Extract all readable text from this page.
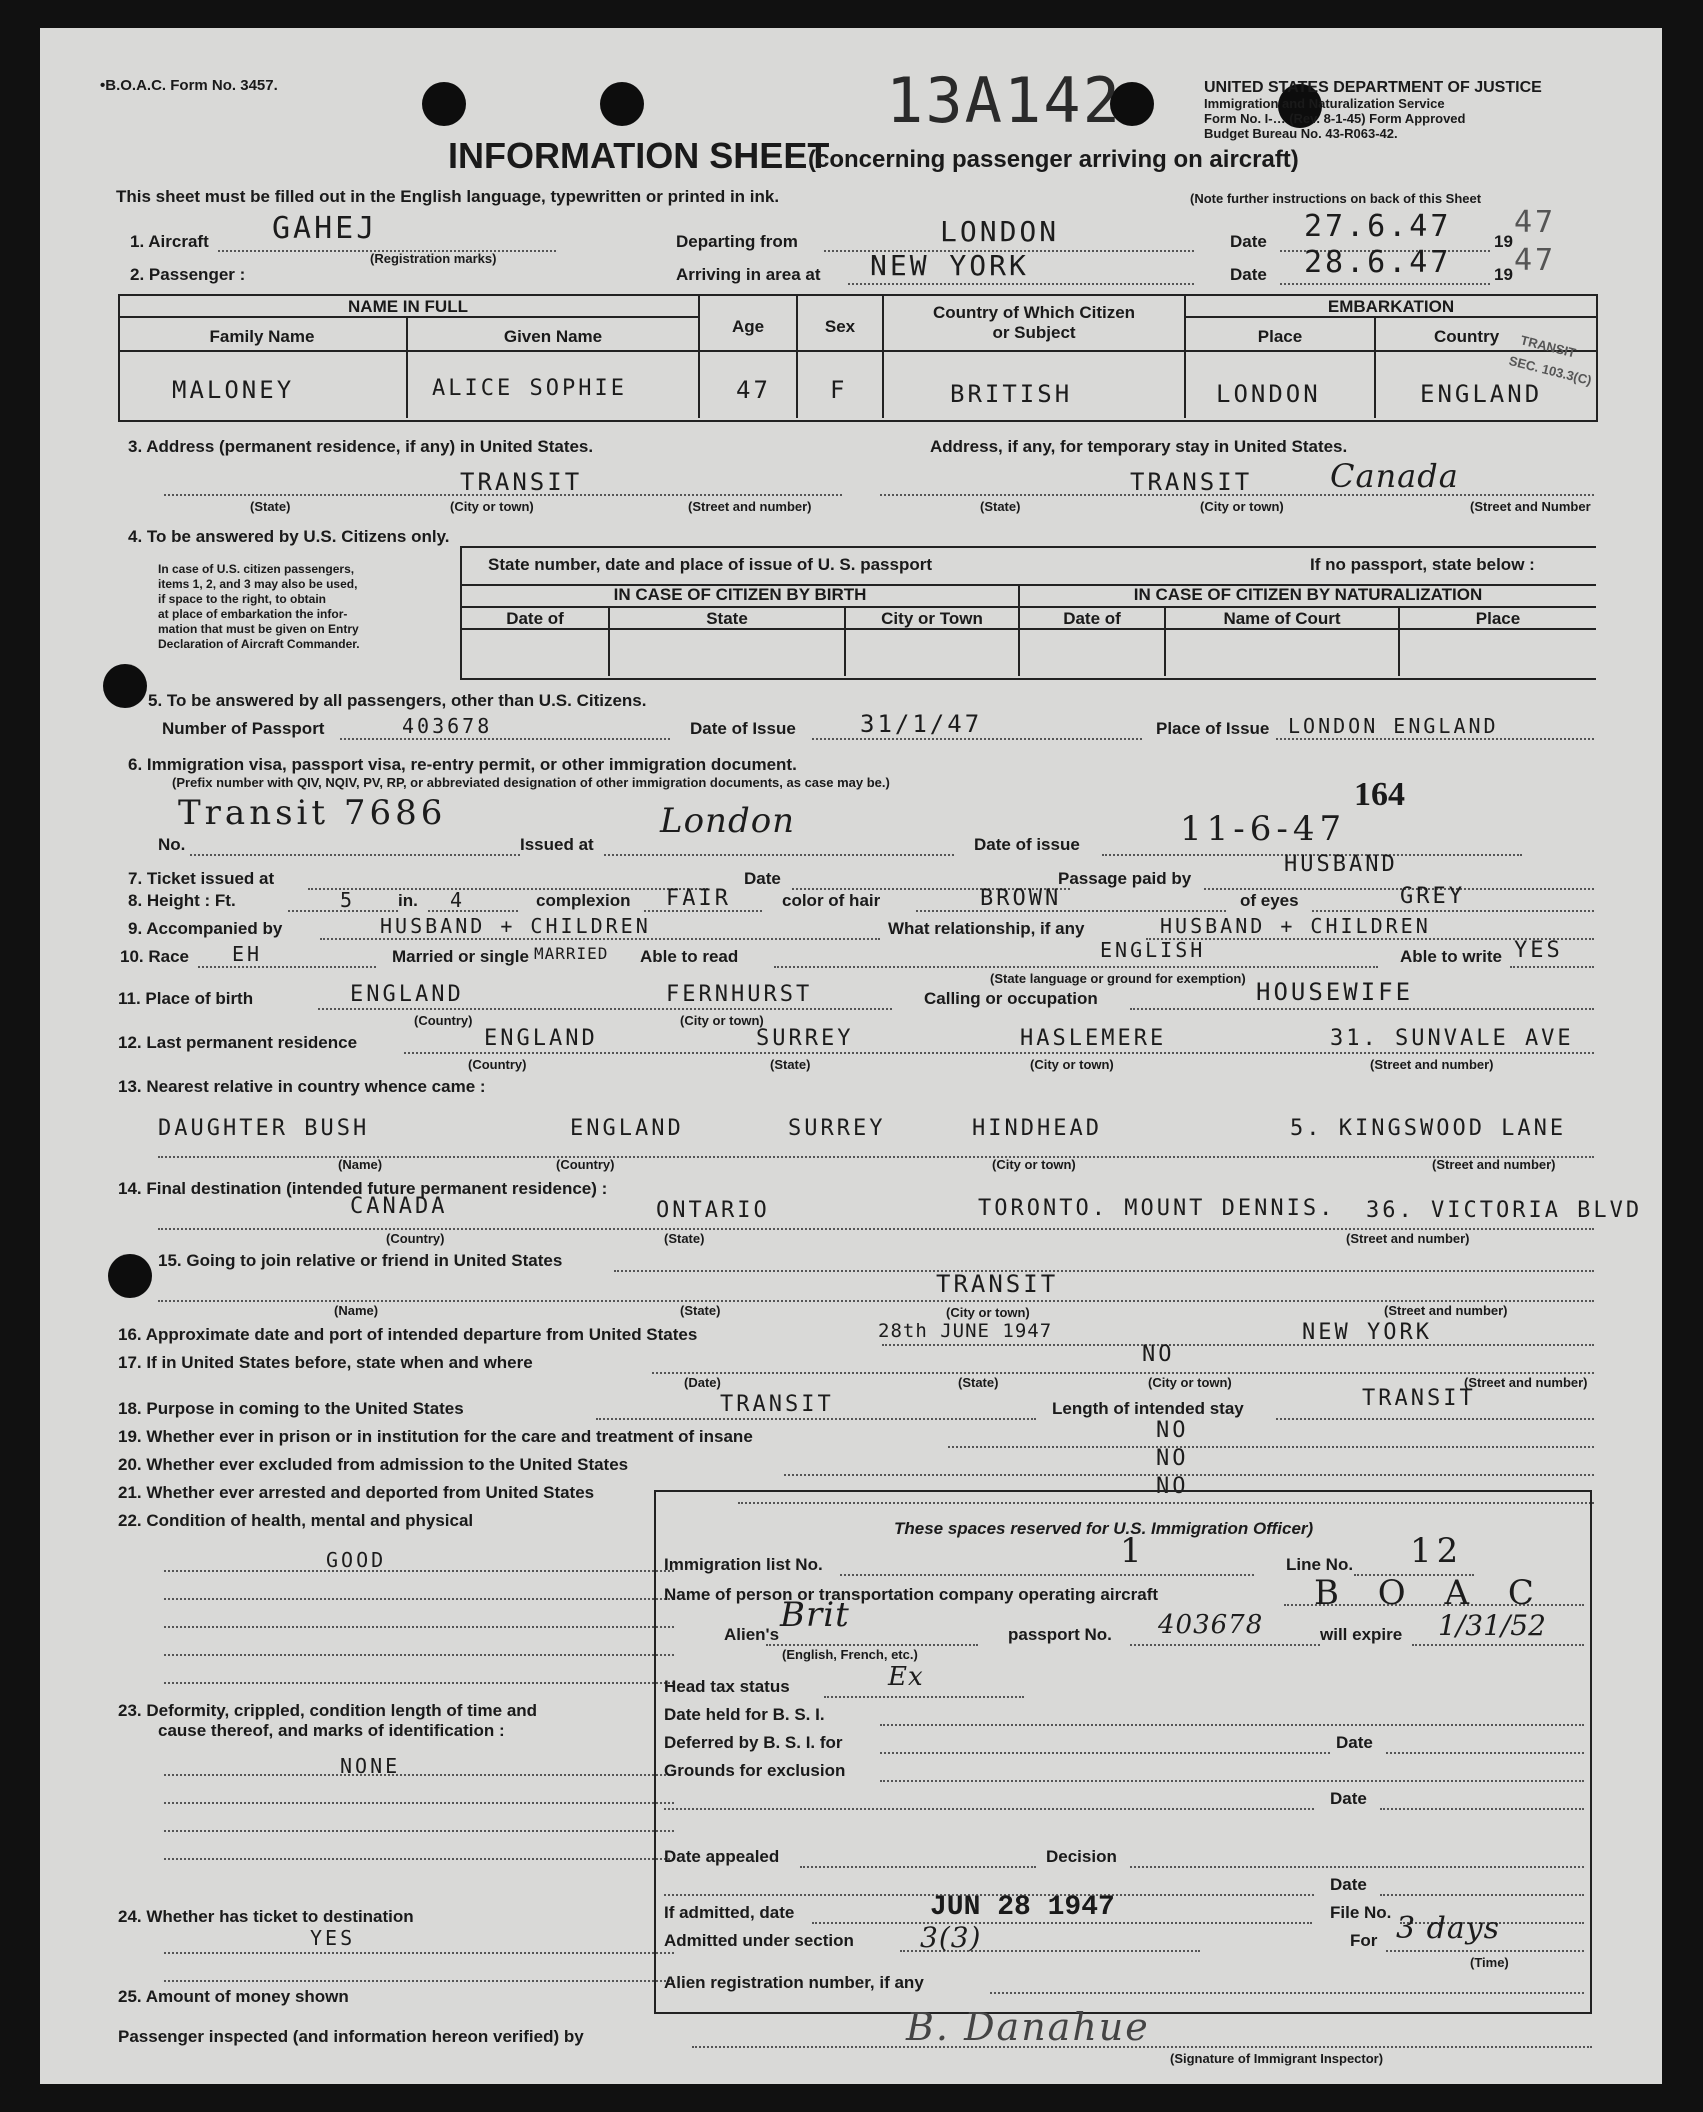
•B.O.A.C. Form No. 3457.	13A142	UNITED STATES DEPARTMENT OF JUSTICE
Immigration and Naturalization Service
Form No. I-… (Rev. 8-1-45) Form Approved
Budget Bureau No. 43-R063-42.
INFORMATION SHEET
(concerning passenger arriving on aircraft)
This sheet must be filled out in the English language, typewritten or printed in ink.	(Note further instructions on back of this Sheet
1. Aircraft GAHEJ
(Registration marks)
Departing from	LONDON	Date 27.6.47	19
47
2. Passenger :	Arriving in area at NEW YORK	Date 28.6.47	19 47
NAME IN FULL
Family Name	Given Name
Age	Sex
Country of Which Citizen
or Subject
EMBARKATION
Place	Country
MALONEY	ALICE SOPHIE	47 F	BRITISH	LONDON	ENGLAND
TRANSIT
SEC. 103.3(C)
3. Address (permanent residence, if any) in United States.	Address, if any, for temporary stay in United States.
TRANSIT	TRANSIT Canada
(State)	(City or town)	(Street and number)	(State)	(City or town)	(Street and Number
4. To be answered by U.S. Citizens only.
In case of U.S. citizen passengers,
items 1, 2, and 3 may also be used,
if space to the right, to obtain
at place of embarkation the infor-
mation that must be given on Entry
Declaration of Aircraft Commander.
State number, date and place of issue of U. S. passport	If no passport, state below :
IN CASE OF CITIZEN BY BIRTH	IN CASE OF CITIZEN BY NATURALIZATION
Date of	State	City or Town	Date of	Name of Court	Place
5. To be answered by all passengers, other than U.S. Citizens.
Number of Passport	403678	Date of Issue	31/1/47	Place of Issue LONDON ENGLAND
6. Immigration visa, passport visa, re-entry permit, or other immigration document.
(Prefix number with QIV, NQIV, PV, RP, or abbreviated designation of other immigration documents, as case may be.)
No.
Transit 7686
Issued at
London
Date of issue	11-6-47
164
7. Ticket issued at	Date	Passage paid by
HUSBAND
8. Height : Ft.	5	in. 4	complexion FAIR	color of hair	BROWN	of eyes	GREY
9. Accompanied by	HUSBAND + CHILDREN	What relationship, if any	HUSBAND + CHILDREN
10. Race EH	Married or single MARRIED Able to read	ENGLISH
(State language or ground for exemption)
Able to write YES
11. Place of birth	ENGLAND	FERNHURST
(Country)	(City or town)
Calling or occupation	HOUSEWIFE
12. Last permanent residence	ENGLAND	SURREY	HASLEMERE	31. SUNVALE AVE
(Country)	(State)	(City or town)	(Street and number)
13. Nearest relative in country whence came :
DAUGHTER BUSH	ENGLAND	SURREY	HINDHEAD	5. KINGSWOOD LANE
(Name)	(Country)	(City or town)	(Street and number)
14. Final destination (intended future permanent residence) :
CANADA	ONTARIO	TORONTO. MOUNT DENNIS. 36. VICTORIA BLVD
(Country)	(State)	(Street and number)
15. Going to join relative or friend in United States
TRANSIT
(Name)	(State)	(City or town)	(Street and number)
16. Approximate date and port of intended departure from United States	28th JUNE 1947	NEW YORK
17. If in United States before, state when and where	NO
(Date)	(State)	(City or town)	(Street and number)
18. Purpose in coming to the United States	TRANSIT	Length of intended stay	TRANSIT
19. Whether ever in prison or in institution for the care and treatment of insane	NO
20. Whether ever excluded from admission to the United States	NO
21. Whether ever arrested and deported from United States	NO
22. Condition of health, mental and physical
GOOD
23. Deformity, crippled, condition length of time and
cause thereof, and marks of identification :
NONE
24. Whether has ticket to destination
YES
25. Amount of money shown
These spaces reserved for U.S. Immigration Officer)
Immigration list No.	1	Line No. 12
Name of person or transportation company operating aircraft	B O A C
Alien's Brit
(English, French, etc.)
passport No. 403678	will expire 1/31/52
Head tax status	Ex
Date held for B. S. I.
Deferred by B. S. I. for	Date
Grounds for exclusion
Date
Date appealed	Decision
Date
If admitted, date	JUN 28 1947	File No.
Admitted under section 3(3)	For 3 days
(Time)
Alien registration number, if any
Passenger inspected (and information hereon verified) by	B. Danahue
(Signature of Immigrant Inspector)
